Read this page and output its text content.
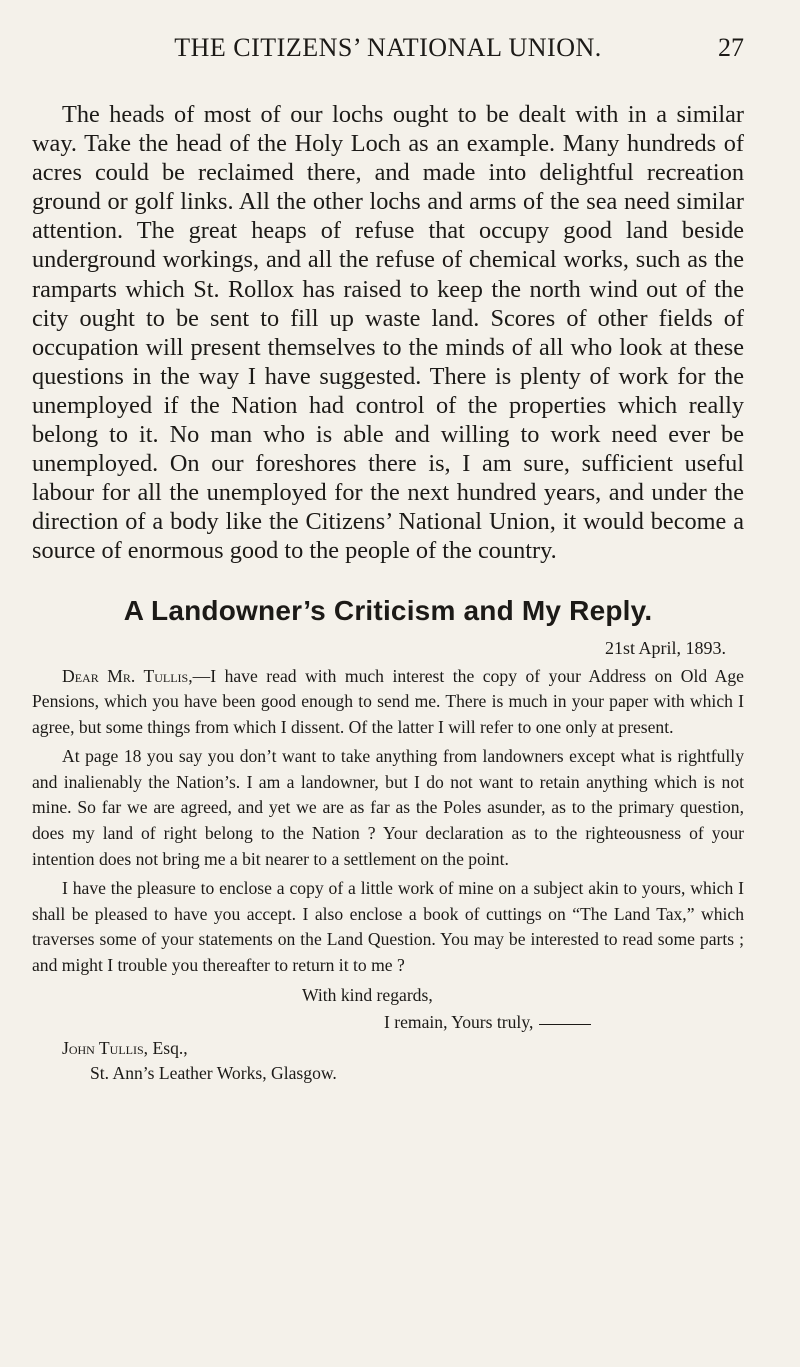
THE CITIZENS’ NATIONAL UNION.	27

The heads of most of our lochs ought to be dealt with in a similar way. Take the head of the Holy Loch as an example. Many hundreds of acres could be reclaimed there, and made into delightful recreation ground or golf links. All the other lochs and arms of the sea need similar attention. The great heaps of refuse that occupy good land beside underground workings, and all the refuse of chemical works, such as the ramparts which St. Rollox has raised to keep the north wind out of the city ought to be sent to fill up waste land. Scores of other fields of occupation will present themselves to the minds of all who look at these questions in the way I have suggested. There is plenty of work for the unemployed if the Nation had control of the properties which really belong to it. No man who is able and willing to work need ever be unemployed. On our foreshores there is, I am sure, sufficient useful labour for all the unemployed for the next hundred years, and under the direction of a body like the Citizens’ National Union, it would become a source of enormous good to the people of the country.

A Landowner’s Criticism and My Reply.
21st April, 1893.

Dear Mr. Tullis,—I have read with much interest the copy of your Address on Old Age Pensions, which you have been good enough to send me. There is much in your paper with which I agree, but some things from which I dissent. Of the latter I will refer to one only at present.

At page 18 you say you don’t want to take anything from landowners except what is rightfully and inalienably the Nation’s. I am a landowner, but I do not want to retain anything which is not mine. So far we are agreed, and yet we are as far as the Poles asunder, as to the primary question, does my land of right belong to the Nation ? Your declaration as to the righteousness of your intention does not bring me a bit nearer to a settlement on the point.

I have the pleasure to enclose a copy of a little work of mine on a subject akin to yours, which I shall be pleased to have you accept. I also enclose a book of cuttings on “The Land Tax,” which traverses some of your statements on the Land Question. You may be interested to read some parts ; and might I trouble you thereafter to return it to me ?

With kind regards,
I remain, Yours truly,
John Tullis, Esq.,
St. Ann’s Leather Works, Glasgow.
